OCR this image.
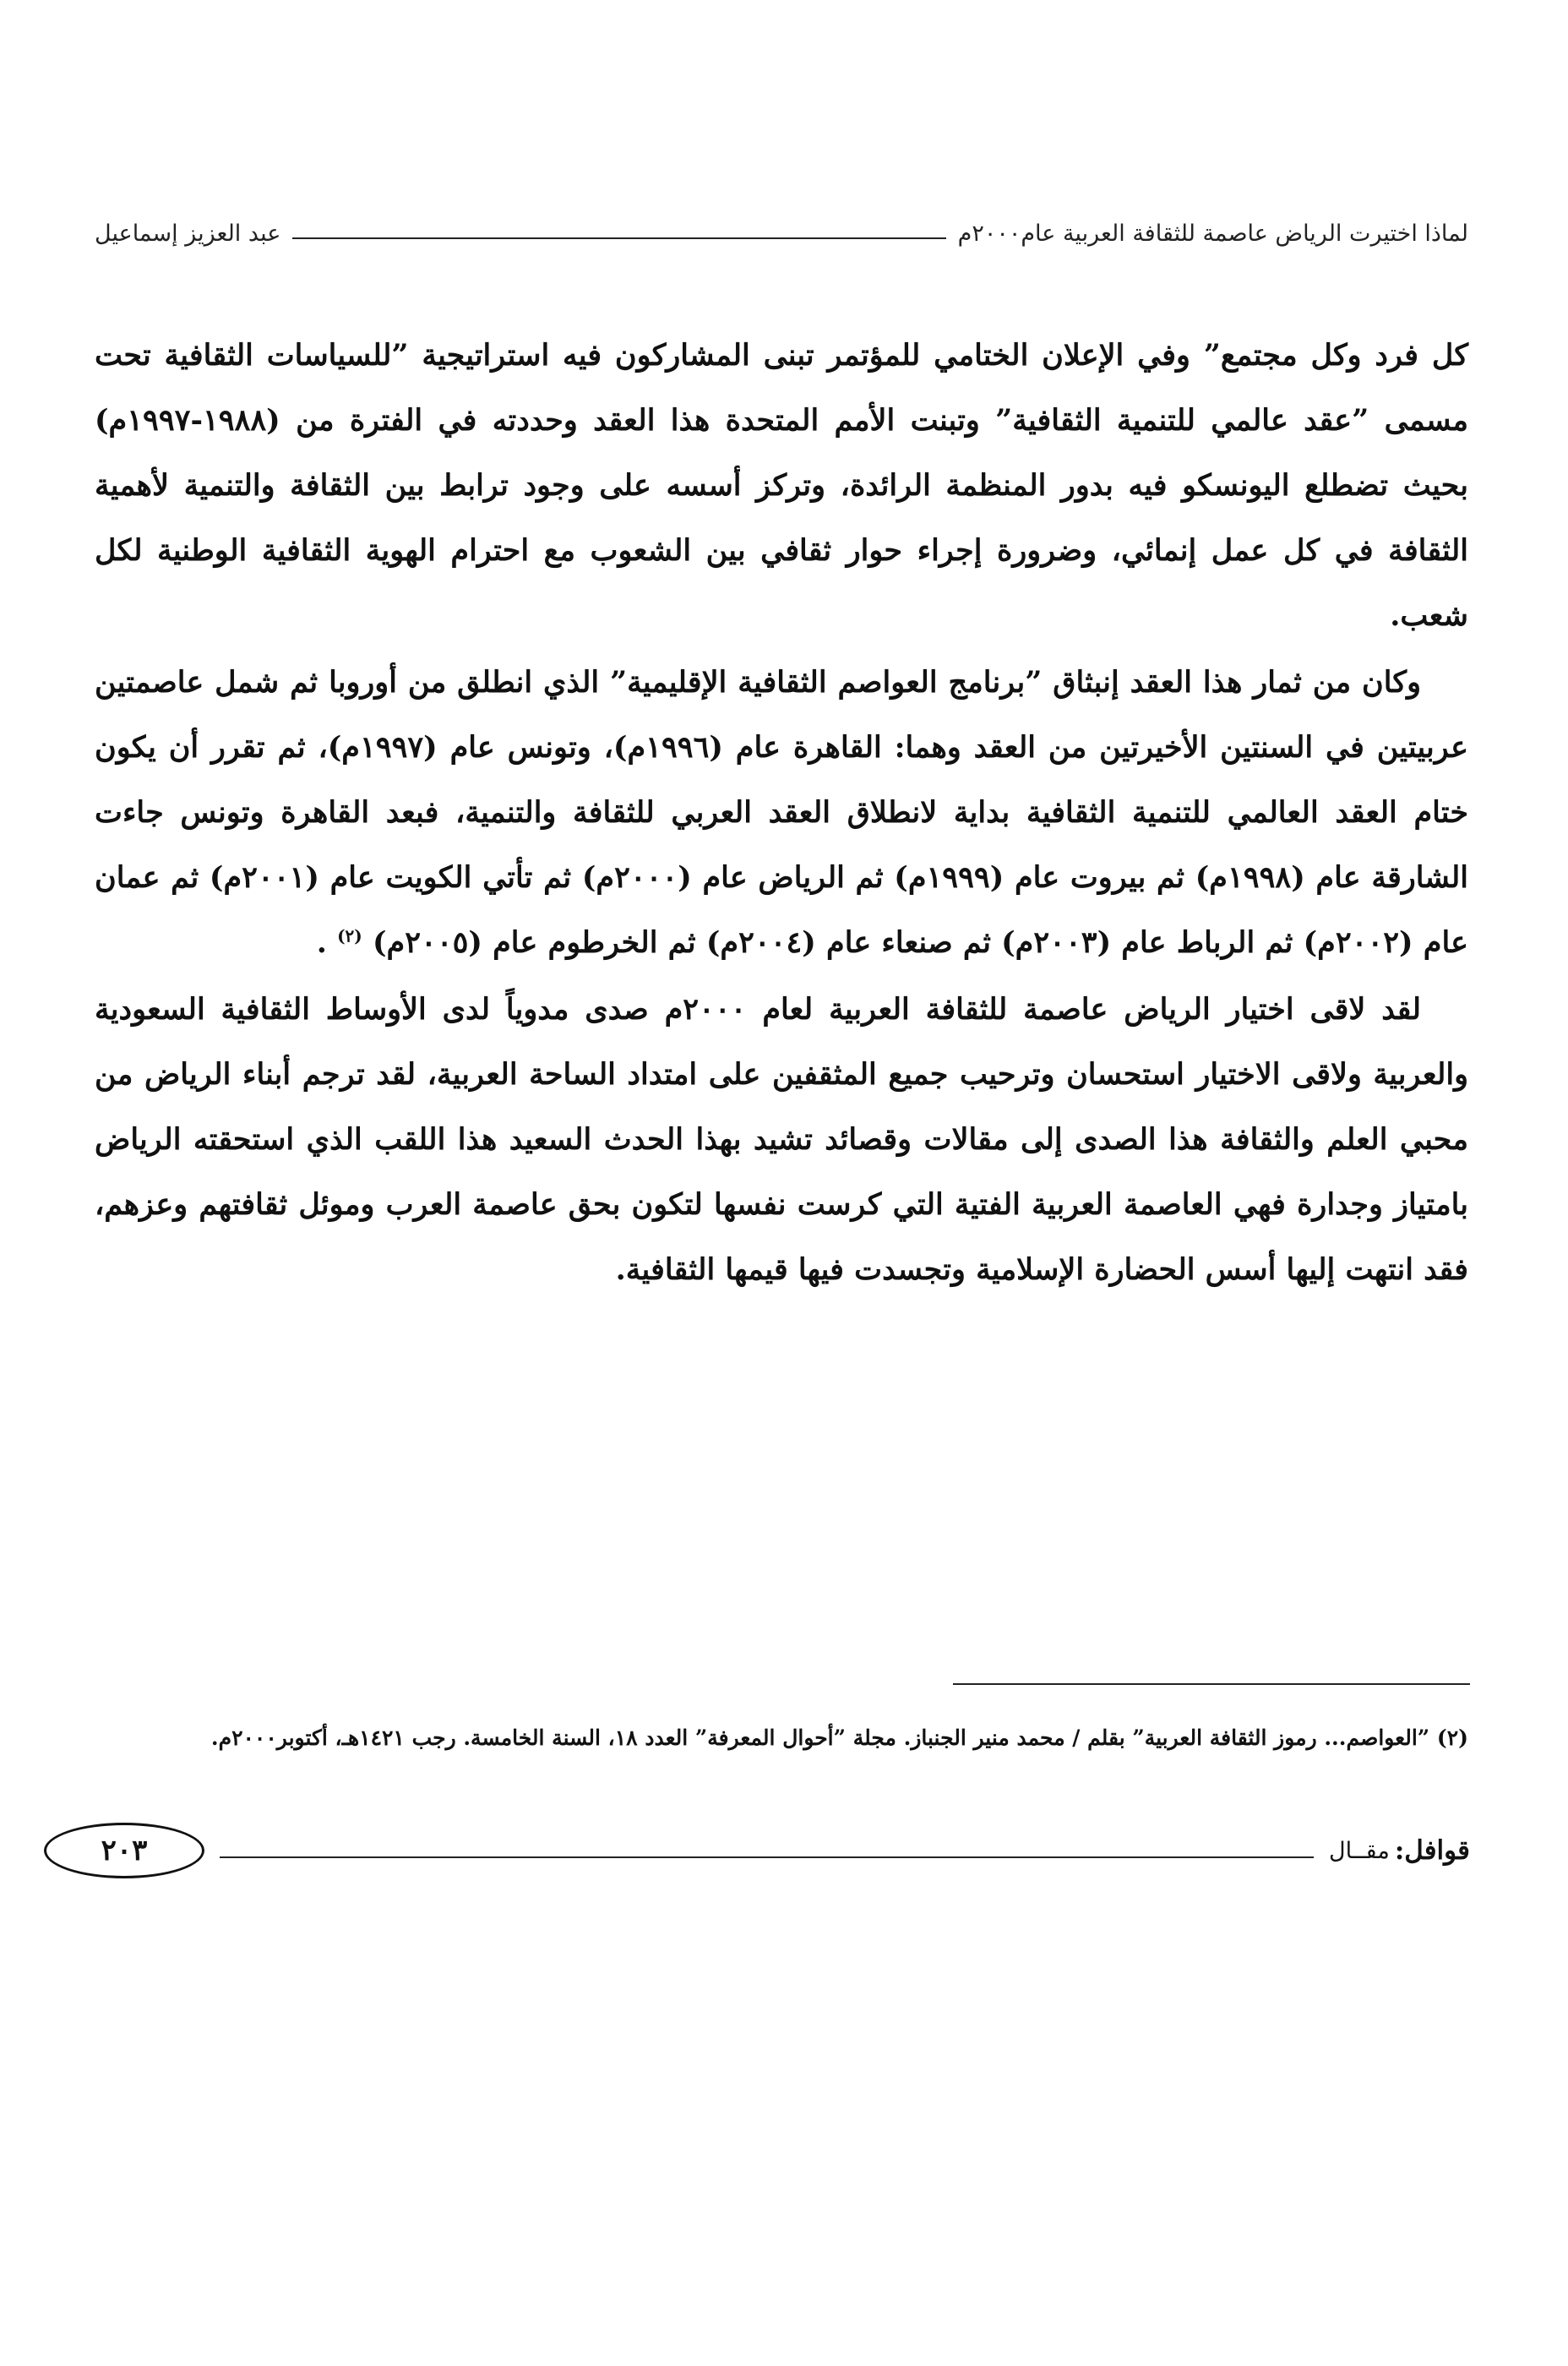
لماذا اختيرت الرياض عاصمة للثقافة العربية عام٢٠٠٠م
عبد العزيز إسماعيل

كل فرد وكل مجتمع” وفي الإعلان الختامي للمؤتمر تبنى المشاركون فيه استراتيجية ”للسياسات الثقافية تحت مسمى ”عقد عالمي للتنمية الثقافية” وتبنت الأمم المتحدة هذا العقد وحددته في الفترة من (١٩٨٨-١٩٩٧م) بحيث تضطلع اليونسكو فيه بدور المنظمة الرائدة، وتركز أسسه على وجود ترابط بين الثقافة والتنمية لأهمية الثقافة في كل عمل إنمائي، وضرورة إجراء حوار ثقافي بين الشعوب مع احترام الهوية الثقافية الوطنية لكل شعب.

وكان من ثمار هذا العقد إنبثاق ”برنامج العواصم الثقافية الإقليمية” الذي انطلق من أوروبا ثم شمل عاصمتين عربيتين في السنتين الأخيرتين من العقد وهما: القاهرة عام (١٩٩٦م)، وتونس عام (١٩٩٧م)، ثم تقرر أن يكون ختام العقد العالمي للتنمية الثقافية بداية لانطلاق العقد العربي للثقافة والتنمية، فبعد القاهرة وتونس جاءت الشارقة عام (١٩٩٨م) ثم بيروت عام (١٩٩٩م) ثم الرياض عام (٢٠٠٠م) ثم تأتي الكويت عام (٢٠٠١م) ثم عمان عام (٢٠٠٢م) ثم الرباط عام (٢٠٠٣م) ثم صنعاء عام (٢٠٠٤م) ثم الخرطوم عام (٢٠٠٥م) $^{(٢)}$ .

لقد لاقى اختيار الرياض عاصمة للثقافة العربية لعام ٢٠٠٠م صدى مدوياً لدى الأوساط الثقافية السعودية والعربية ولاقى الاختيار استحسان وترحيب جميع المثقفين على امتداد الساحة العربية، لقد ترجم أبناء الرياض من محبي العلم والثقافة هذا الصدى إلى مقالات وقصائد تشيد بهذا الحدث السعيد هذا اللقب الذي استحقته الرياض بامتياز وجدارة فهي العاصمة العربية الفتية التي كرست نفسها لتكون بحق عاصمة العرب وموئل ثقافتهم وعزهم، فقد انتهت إليها أسس الحضارة الإسلامية وتجسدت فيها قيمها الثقافية.

(٢) ”العواصم... رموز الثقافة العربية” بقلم / محمد منير الجنباز. مجلة ”أحوال المعرفة” العدد ١٨، السنة الخامسة. رجب ١٤٢١هـ، أكتوبر٢٠٠٠م.
قوافل:
مقــال
٢٠٣
